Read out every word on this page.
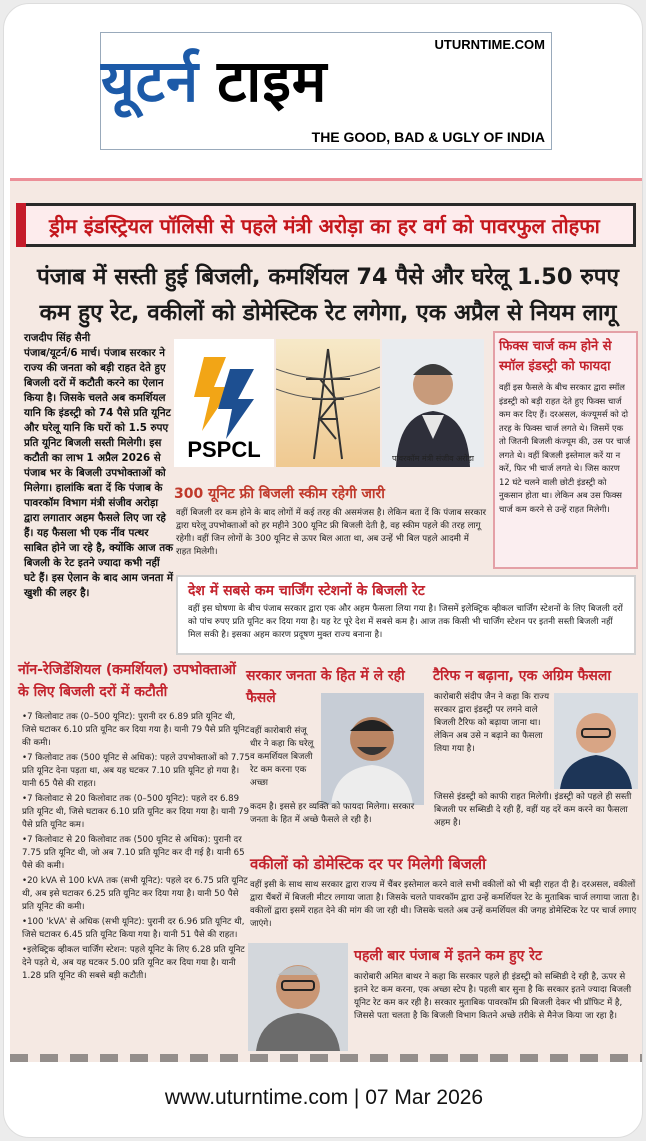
UTURNTIME.COM
यूटर्न टाइम
THE GOOD, BAD & UGLY OF INDIA
ड्रीम इंडस्ट्रियल पॉलिसी से पहले मंत्री अरोड़ा का हर वर्ग को पावरफुल तोहफा
पंजाब में सस्ती हुई बिजली, कमर्शियल 74 पैसे और घरेलू 1.50 रुपए कम हुए रेट, वकीलों को डोमेस्टिक रेट लगेगा, एक अप्रैल से नियम लागू
राजदीप सिंह सैनी
पंजाब/यूटर्न/6 मार्च। पंजाब सरकार ने राज्य की जनता को बड़ी राहत देते हुए बिजली दरों में कटौती करने का ऐलान किया है। जिसके चलते अब कमर्शियल यानि कि इंडस्ट्री को 74 पैसे प्रति यूनिट और घरेलू यानि कि घरों को 1.5 रुपए प्रति यूनिट बिजली सस्ती मिलेगी। इस कटौती का लाभ 1 अप्रैल 2026 से पंजाब भर के बिजली उपभोक्ताओं को मिलेगा। हालांकि बता दें कि पंजाब के पावरकॉम विभाग मंत्री संजीव अरोड़ा द्वारा लगातार अहम फैसले लिए जा रहे हैं। यह फैसला भी एक नींव पत्थर साबित होने जा रहे है, क्योंकि आज तक बिजली के रेट इतने ज्यादा कभी नहीं घटे हैं। इस ऐलान के बाद आम जनता में खुशी की लहर है।
PSPCL	पावरकॉम मंत्री संजीव अरोड़ा
300 यूनिट फ्री बिजली स्कीम रहेगी जारी
वहीं बिजली दर कम होने के बाद लोगों में कई तरह की असमंजस है। लेकिन बता दें कि पंजाब सरकार द्वारा घरेलू उपभोक्ताओं को हर महीने 300 यूनिट फ्री बिजली देती है, वह स्कीम पहले की तरह लागू रहेगी। वहीं जिन लोगों के 300 यूनिट से ऊपर बिल आता था, अब उन्हें भी बिल पहले आदमी में राहत मिलेगी।
फिक्स चार्ज कम होने से स्मॉल इंडस्ट्री को फायदा

वहीं इस फैसले के बीच सरकार द्वारा स्मॉल इंडस्ट्री को बड़ी राहत देते हुए फिक्स चार्ज कम कर दिए हैं। दरअसल, कंज्यूमर्स को दो तरह के फिक्स चार्ज लगते थे। जिसमें एक तो जितनी बिजली कंज्यूम की, उस पर चार्ज लगते थे। वहीं बिजली इस्तेमाल करें या न करें, फिर भी चार्ज लगते थे। जिस कारण 12 घंटे चलने वाली छोटी इंडस्ट्री को नुकसान होता था। लेकिन अब उस फिक्स चार्ज कम करने से उन्हें राहत मिलेगी।

देश में सबसे कम चार्जिंग स्टेशनों के बिजली रेट

वहीं इस घोषणा के बीच पंजाब सरकार द्वारा एक और अहम फैसला लिया गया है। जिसमें इलेक्ट्रिक व्हीकल चार्जिंग स्टेशनों के लिए बिजली दरों को पांच रुपए प्रति यूनिट कर दिया गया है। यह रेट पूरे देश में सबसे कम है। आज तक किसी भी चार्जिंग स्टेशन पर इतनी सस्ती बिजली नहीं मिल सकी है। इसका अहम कारण प्रदूषण मुक्त राज्य बनाना है।

नॉन-रेजिडेंशियल (कमर्शियल) उपभोक्ताओं के लिए बिजली दरों में कटौती
• 7 किलोवाट तक (0–500 यूनिट): पुरानी दर 6.89 प्रति यूनिट थी, जिसे घटाकर 6.10 प्रति यूनिट कर दिया गया है। यानी 79 पैसे प्रति यूनिट की कमी।
• 7 किलोवाट तक (500 यूनिट से अधिक): पहले उपभोक्ताओं को 7.75 प्रति यूनिट देना पड़ता था, अब यह घटकर 7.10 प्रति यूनिट हो गया है। यानी 65 पैसे की राहत।
• 7 किलोवाट से 20 किलोवाट तक (0–500 यूनिट): पहले दर 6.89 प्रति यूनिट थी, जिसे घटाकर 6.10 प्रति यूनिट कर दिया गया है। यानी 79 पैसे प्रति यूनिट कम।
• 7 किलोवाट से 20 किलोवाट तक (500 यूनिट से अधिक): पुरानी दर 7.75 प्रति यूनिट थी, जो अब 7.10 प्रति यूनिट कर दी गई है। यानी 65 पैसे की कमी।
• 20 kVA से 100 kVA तक (सभी यूनिट): पहले दर 6.75 प्रति यूनिट थी, अब इसे घटाकर 6.25 प्रति यूनिट कर दिया गया है। यानी 50 पैसे प्रति यूनिट की कमी।
• 100 'kVA' से अधिक (सभी यूनिट): पुरानी दर 6.96 प्रति यूनिट थी, जिसे घटाकर 6.45 प्रति यूनिट किया गया है। यानी 51 पैसे की राहत।
• इलेक्ट्रिक व्हीकल चार्जिंग स्टेशन: पहले यूनिट के लिए 6.28 प्रति यूनिट देने पड़ते थे, अब यह घटकर 5.00 प्रति यूनिट कर दिया गया है। यानी 1.28 प्रति यूनिट की सबसे बड़ी कटौती।
सरकार जनता के हित में ले रही फैसले
वहीं कारोबारी संजू धीर ने कहा कि घरेलू व कमर्शियल बिजली रेट कम करना एक अच्छा
कदम है। इससे हर व्यक्ति को फायदा मिलेगा। सरकार जनता के हित में अच्छे फैसले ले रही है।
टैरिफ न बढ़ाना, एक अग्रिम फैसला
कारोबारी संदीप जैन ने कहा कि राज्य सरकार द्वारा इंडस्ट्री पर लगने वाले बिजली टैरिफ को बढ़ाया जाना था। लेकिन अब उसे न बढ़ाने का फैसला लिया गया है।
जिससे इंडस्ट्री को काफी राहत मिलेगी। इंडस्ट्री को पहले ही सस्ती बिजली पर सब्सिडी दे रही हैं, वहीं यह दरें कम करने का फैसला अहम है।
वकीलों को डोमेस्टिक दर पर मिलेगी बिजली
वहीं इसी के साथ साथ सरकार द्वारा राज्य में चैंबर इस्तेमाल करने वाले सभी वकीलों को भी बड़ी राहत दी है। दरअसल, वकीलों द्वारा चैंबरों में बिजली मीटर लगाया जाता है। जिसके चलते पावरकॉम द्वारा उन्हें कमर्शियल रेट के मुताबिक चार्ज लगाया जाता है। वकीलों द्वारा इसमें राहत देने की मांग की जा रही थी। जिसके चलते अब उन्हें कमर्शियल की जगह डोमेस्टिक रेट पर चार्ज लगाए जाएंगे।
पहली बार पंजाब में इतने कम हुए रेट
कारोबारी अमित बाथर ने कहा कि सरकार पहले ही इंडस्ट्री को सब्सिडी दे रही है, ऊपर से इतने रेट कम करना, एक अच्छा स्टेप है। पहली बार सुना है कि सरकार इतने ज्यादा बिजली यूनिट रेट कम कर रही है। सरकार मुताबिक पावरकॉम फ्री बिजली देकर भी प्रॉफिट में है, जिससे पता चलता है कि बिजली विभाग कितने अच्छे तरीके से मैनेज किया जा रहा है।
www.uturntime.com | 07 Mar 2026
